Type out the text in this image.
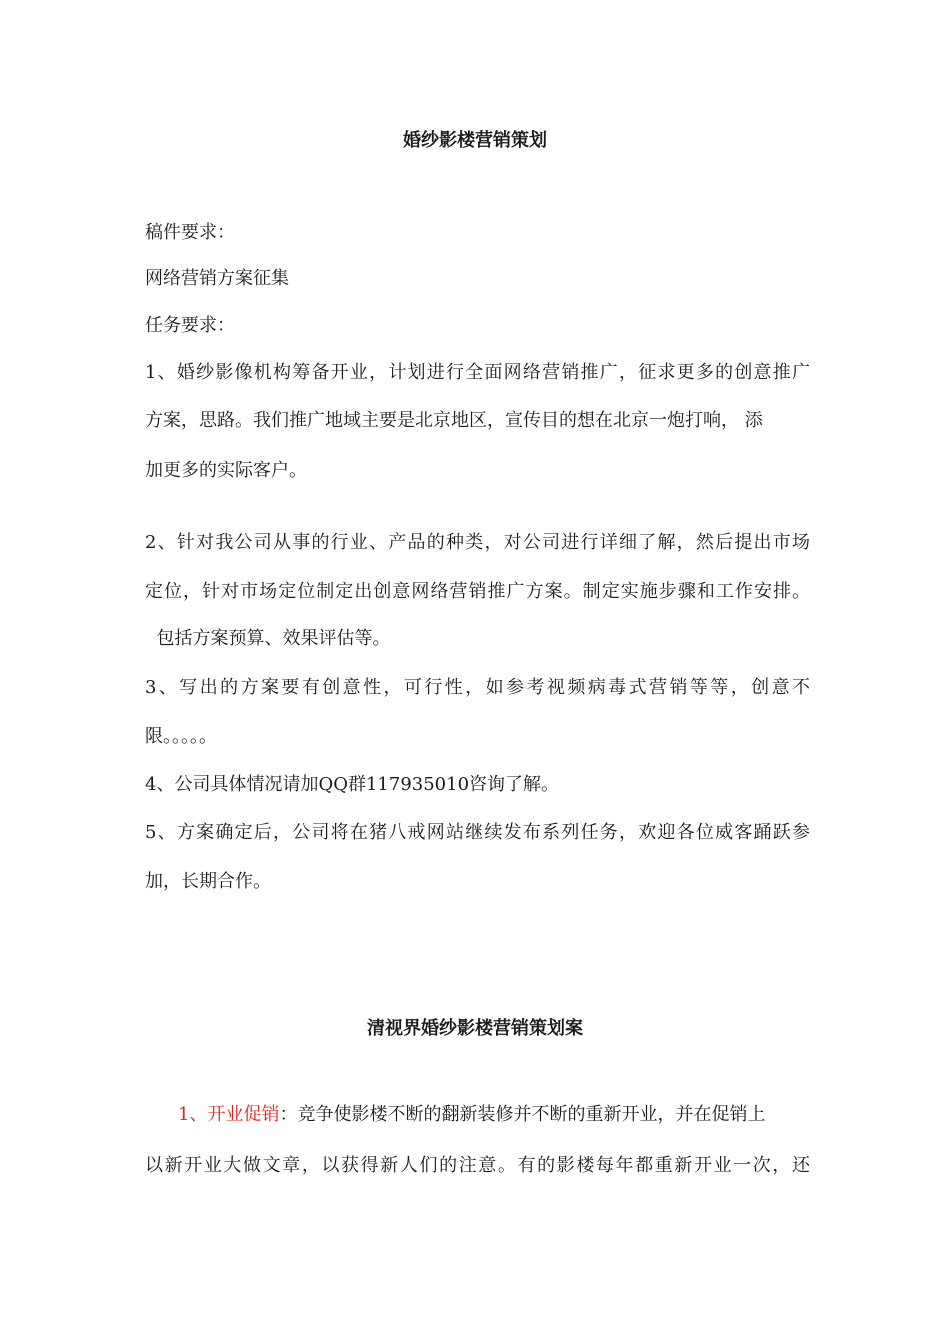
婚纱影楼营销策划

稿件要求：

网络营销方案征集

任务要求：

1、婚纱影像机构筹备开业，计划进行全面网络营销推广，征求更多的创意推广

方案，思路。我们推广地域主要是北京地区，宣传目的想在北京一炮打响， 添

加更多的实际客户。

2、针对我公司从事的行业、产品的种类，对公司进行详细了解，然后提出市场

定位，针对市场定位制定出创意网络营销推广方案。制定实施步骤和工作安排。

包括方案预算、效果评估等。

3、写出的方案要有创意性，可行性，如参考视频病毒式营销等等，创意不

限。。。。。

4、公司具体情况请加QQ群117935010咨询了解。

5、方案确定后，公司将在猪八戒网站继续发布系列任务，欢迎各位威客踊跃参

加，长期合作。

清视界婚纱影楼营销策划案

1、开业促销：竞争使影楼不断的翻新装修并不断的重新开业，并在促销上

以新开业大做文章，以获得新人们的注意。有的影楼每年都重新开业一次，还
